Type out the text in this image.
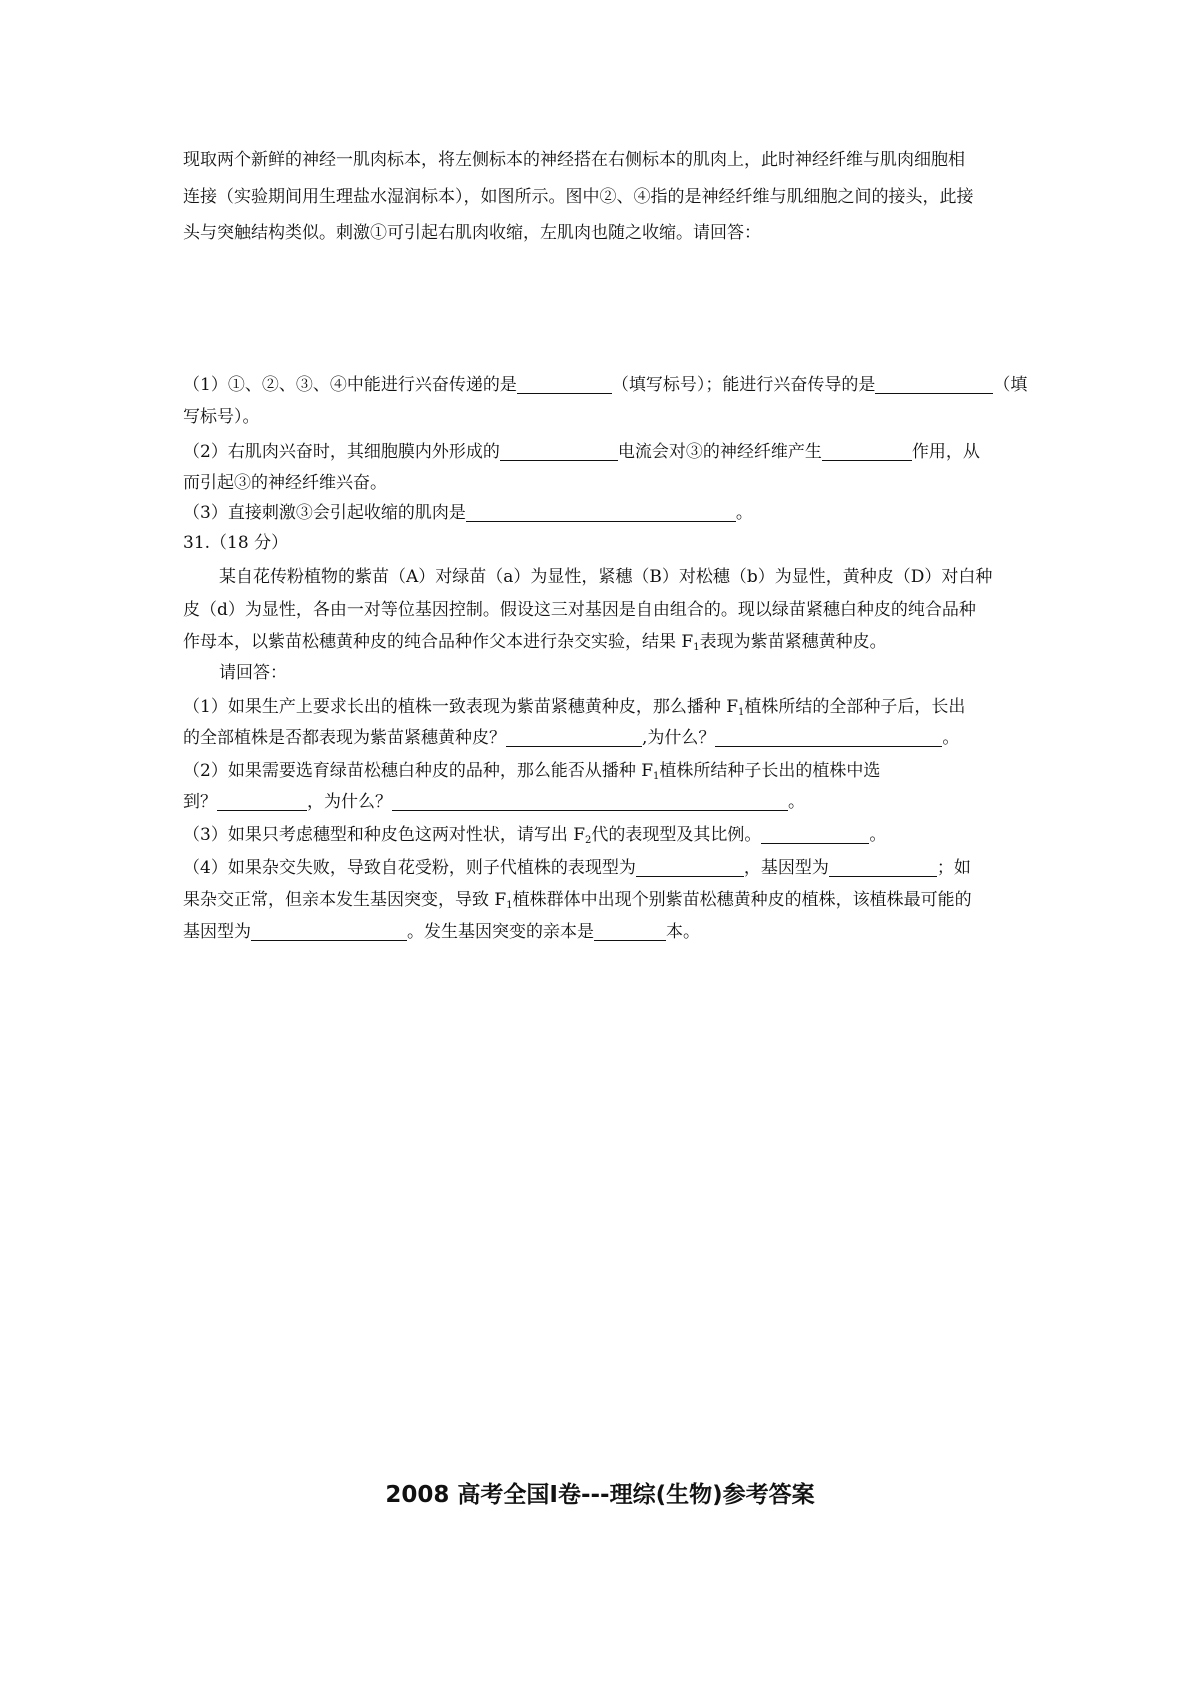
现取两个新鲜的神经一肌肉标本，将左侧标本的神经搭在右侧标本的肌肉上，此时神经纤维与肌肉细胞相
连接（实验期间用生理盐水湿润标本），如图所示。图中②、④指的是神经纤维与肌细胞之间的接头，此接
头与突触结构类似。刺激①可引起右肌肉收缩，左肌肉也随之收缩。请回答：
（1）①、②、③、④中能进行兴奋传递的是	（填写标号）；能进行兴奋传导的是	（填
写标号）。
（2）右肌肉兴奋时，其细胞膜内外形成的	电流会对③的神经纤维产生	作用，从
而引起③的神经纤维兴奋。
（3）直接刺激③会引起收缩的肌肉是	。
31.（18 分）
某自花传粉植物的紫苗（A）对绿苗（a）为显性，紧穗（B）对松穗（b）为显性，黄种皮（D）对白种
皮（d）为显性，各由一对等位基因控制。假设这三对基因是自由组合的。现以绿苗紧穗白种皮的纯合品种
作母本，以紫苗松穗黄种皮的纯合品种作父本进行杂交实验，结果 $F_1$表现为紫苗紧穗黄种皮。
请回答：
（1）如果生产上要求长出的植株一致表现为紫苗紧穗黄种皮，那么播种 $F_1$植株所结的全部种子后，长出
的全部植株是否都表现为紫苗紧穗黄种皮？	,为什么？	。
（2）如果需要选育绿苗松穗白种皮的品种，那么能否从播种 $F_1$植株所结种子长出的植株中选
到？	，为什么？	。
（3）如果只考虑穗型和种皮色这两对性状，请写出 $F_2$代的表现型及其比例。	。
（4）如果杂交失败，导致自花受粉，则子代植株的表现型为	，基因型为	；如
果杂交正常，但亲本发生基因突变，导致 $F_1$植株群体中出现个别紫苗松穗黄种皮的植株，该植株最可能的
基因型为	。发生基因突变的亲本是	本。
2008 高考全国Ⅰ卷---理综(生物)参考答案
